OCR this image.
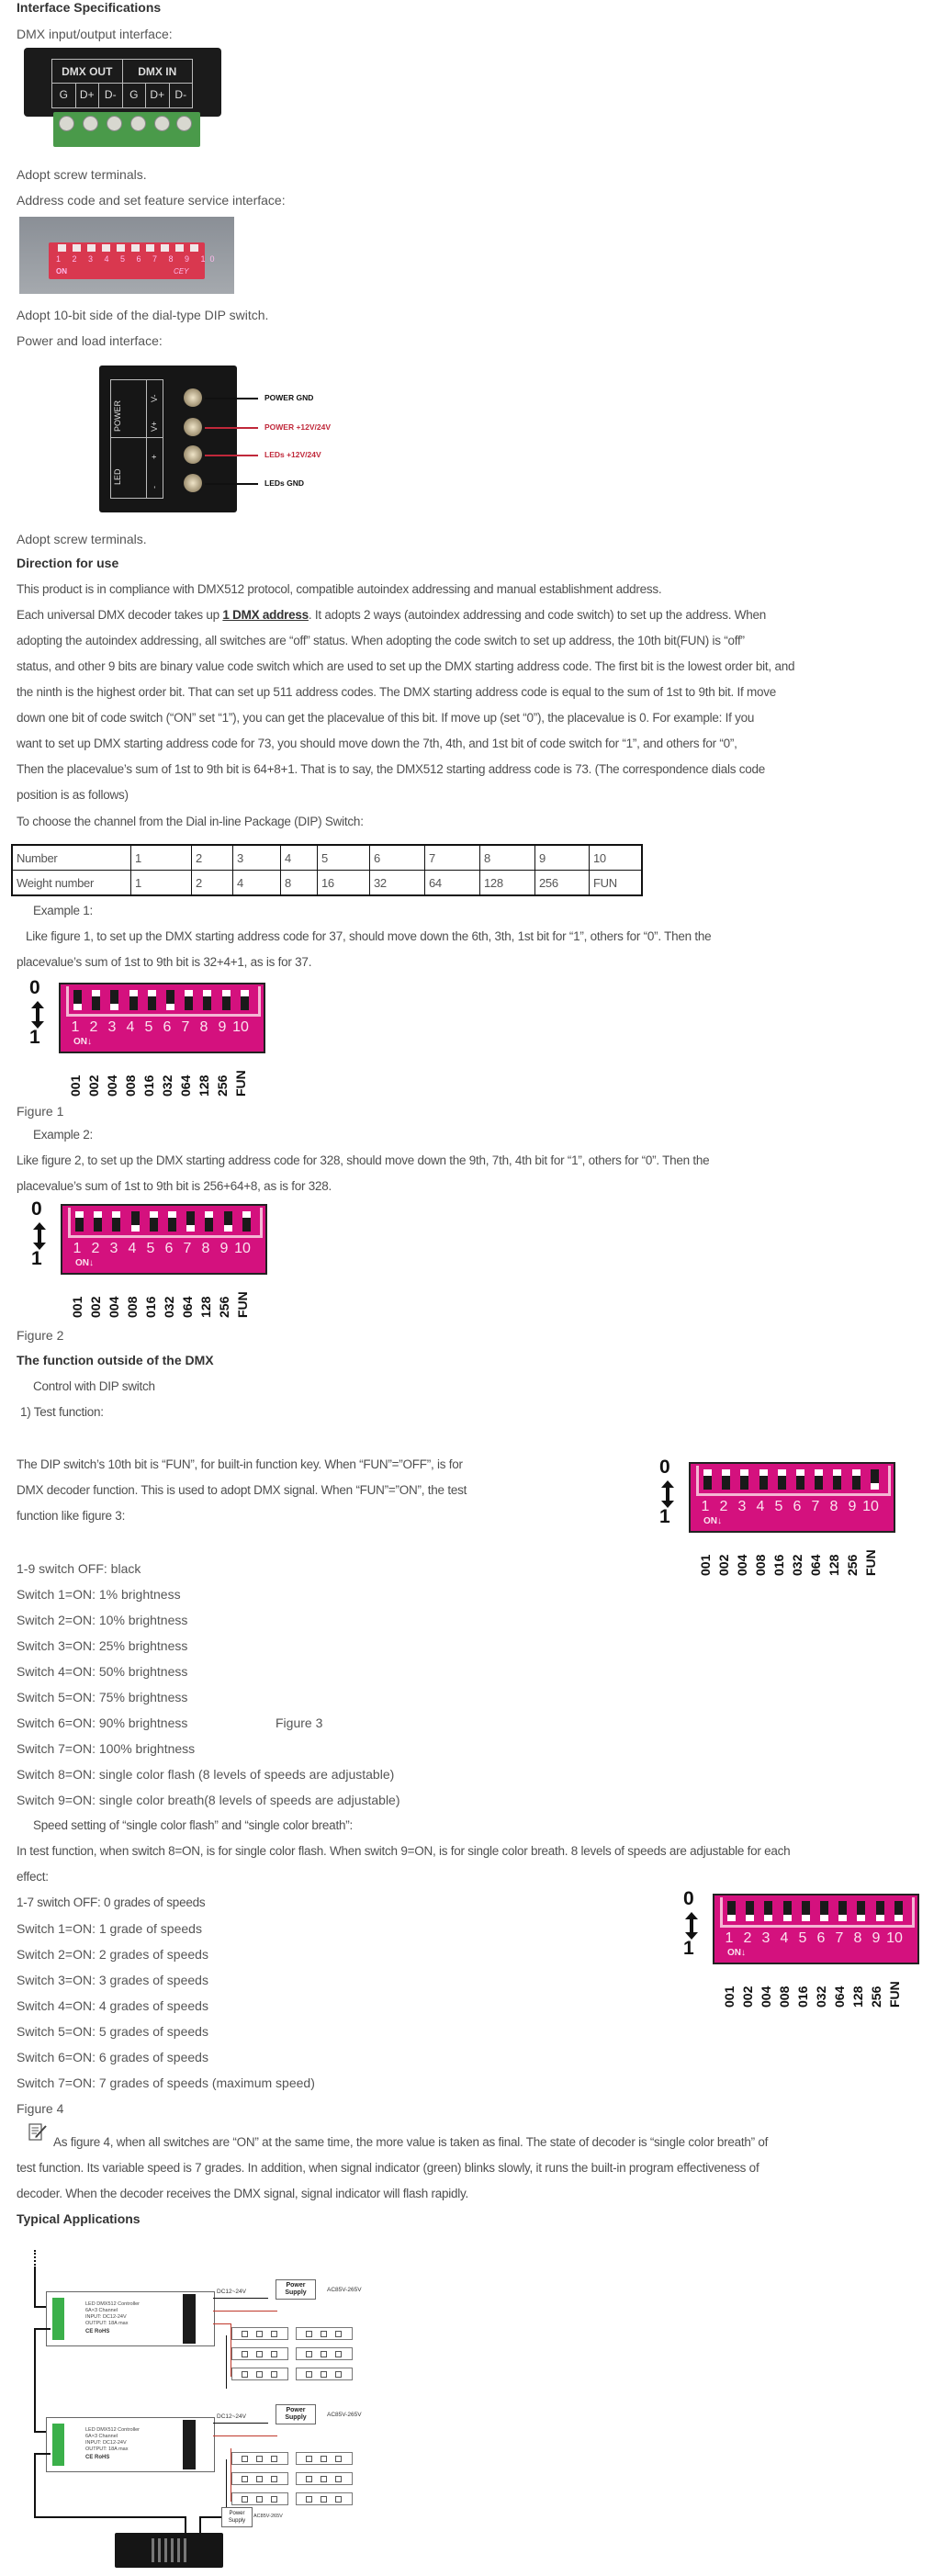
Interface Specifications
DMX input/output interface:
DMX OUT	DMX IN
G	D+ D-	G	D+ D-
Adopt screw terminals.
Address code and set feature service interface:
1 2 3 4 5 6 7 8 9 10
ON	CEY
Adopt 10-bit side of the dial-type DIP switch.
Power and load interface:
POWER
LED
V-
V+
+
-
POWER GND
POWER +12V/24V
LEDs +12V/24V
LEDs GND
Adopt screw terminals.
Direction for use
This product is in compliance with DMX512 protocol, compatible autoindex addressing and manual establishment address.
Each universal DMX decoder takes up 1 DMX address. It adopts 2 ways (autoindex addressing and code switch) to set up the address. When
adopting the autoindex addressing, all switches are “off” status. When adopting the code switch to set up address, the 10th bit(FUN) is “off”
status, and other 9 bits are binary value code switch which are used to set up the DMX starting address code. The first bit is the lowest order bit, and
the ninth is the highest order bit. That can set up 511 address codes. The DMX starting address code is equal to the sum of 1st to 9th bit. If move
down one bit of code switch (“ON” set “1”), you can get the placevalue of this bit. If move up (set “0”), the placevalue is 0. For example: If you
want to set up DMX starting address code for 73, you should move down the 7th, 4th, and 1st bit of code switch for “1”, and others for “0”,
Then the placevalue’s sum of 1st to 9th bit is 64+8+1. That is to say, the DMX512 starting address code is 73. (The correspondence dials code
position is as follows)
To choose the channel from the Dial in-line Package (DIP) Switch:
Number	1	2	3	4	5	6	7	8	9	10
Weight number	1	2	4	8	16	32	64	128	256	FUN
Example 1:
Like figure 1, to set up the DMX starting address code for 37, should move down the 6th, 3th, 1st bit for “1”, others for “0”. Then the
placevalue’s sum of 1st to 9th bit is 32+4+1, as is for 37.
0
1	1 2 3 4 5 6 7 8 9 10
ON↓
001 002 004 008 016 032 064 128 256 FUN
Figure 1
Example 2:
Like figure 2, to set up the DMX starting address code for 328, should move down the 9th, 7th, 4th bit for “1”, others for “0”. Then the
placevalue’s sum of 1st to 9th bit is 256+64+8, as is for 328.
0
1	1 2 3 4 5 6 7 8 9 10
ON↓
001 002 004 008 016 032 064 128 256 FUN
Figure 2
The function outside of the DMX
Control with DIP switch
1) Test function:
The DIP switch’s 10th bit is “FUN”, for built-in function key. When “FUN”=”OFF”, is for
DMX decoder function. This is used to adopt DMX signal. When “FUN”=”ON”, the test
function like figure 3:
0
1	1 2 3 4 5 6 7 8 9 10
ON↓
001 002 004 008 016 032 064 128 256 FUN
1-9 switch OFF: black
Switch 1=ON: 1% brightness
Switch 2=ON: 10% brightness
Switch 3=ON: 25% brightness
Switch 4=ON: 50% brightness
Switch 5=ON: 75% brightness
Switch 6=ON: 90% brightness
Switch 7=ON: 100% brightness
Switch 8=ON: single color flash (8 levels of speeds are adjustable)
Switch 9=ON: single color breath(8 levels of speeds are adjustable)
Figure 3
Speed setting of “single color flash” and “single color breath”:
In test function, when switch 8=ON, is for single color flash. When switch 9=ON, is for single color breath. 8 levels of speeds are adjustable for each
effect:
1-7 switch OFF: 0 grades of speeds
Switch 1=ON: 1 grade of speeds
Switch 2=ON: 2 grades of speeds
Switch 3=ON: 3 grades of speeds
Switch 4=ON: 4 grades of speeds
Switch 5=ON: 5 grades of speeds
Switch 6=ON: 6 grades of speeds
Switch 7=ON: 7 grades of speeds (maximum speed)
0
1	1 2 3 4 5 6 7 8 9 10
ON↓
001 002 004 008 016 032 064 128 256 FUN
Figure 4
As figure 4, when all switches are “ON” at the same time, the more value is taken as final. The state of decoder is “single color breath” of
test function. Its variable speed is 7 grades. In addition, when signal indicator (green) blinks slowly, it runs the built-in program effectiveness of
decoder. When the decoder receives the DMX signal, signal indicator will flash rapidly.
Typical Applications
LED DMX512 Controller
6A×3 Channel
INPUT: DC12-24V
OUTPUT: 18A max
CE RoHS
DC12~24V
Power
Supply	AC85V-265V
LED DMX512 Controller
6A×3 Channel
INPUT: DC12-24V
OUTPUT: 18A max
CE RoHS
DC12~24V
Power
Supply	AC85V-265V
Power
Supply
AC85V-265V
